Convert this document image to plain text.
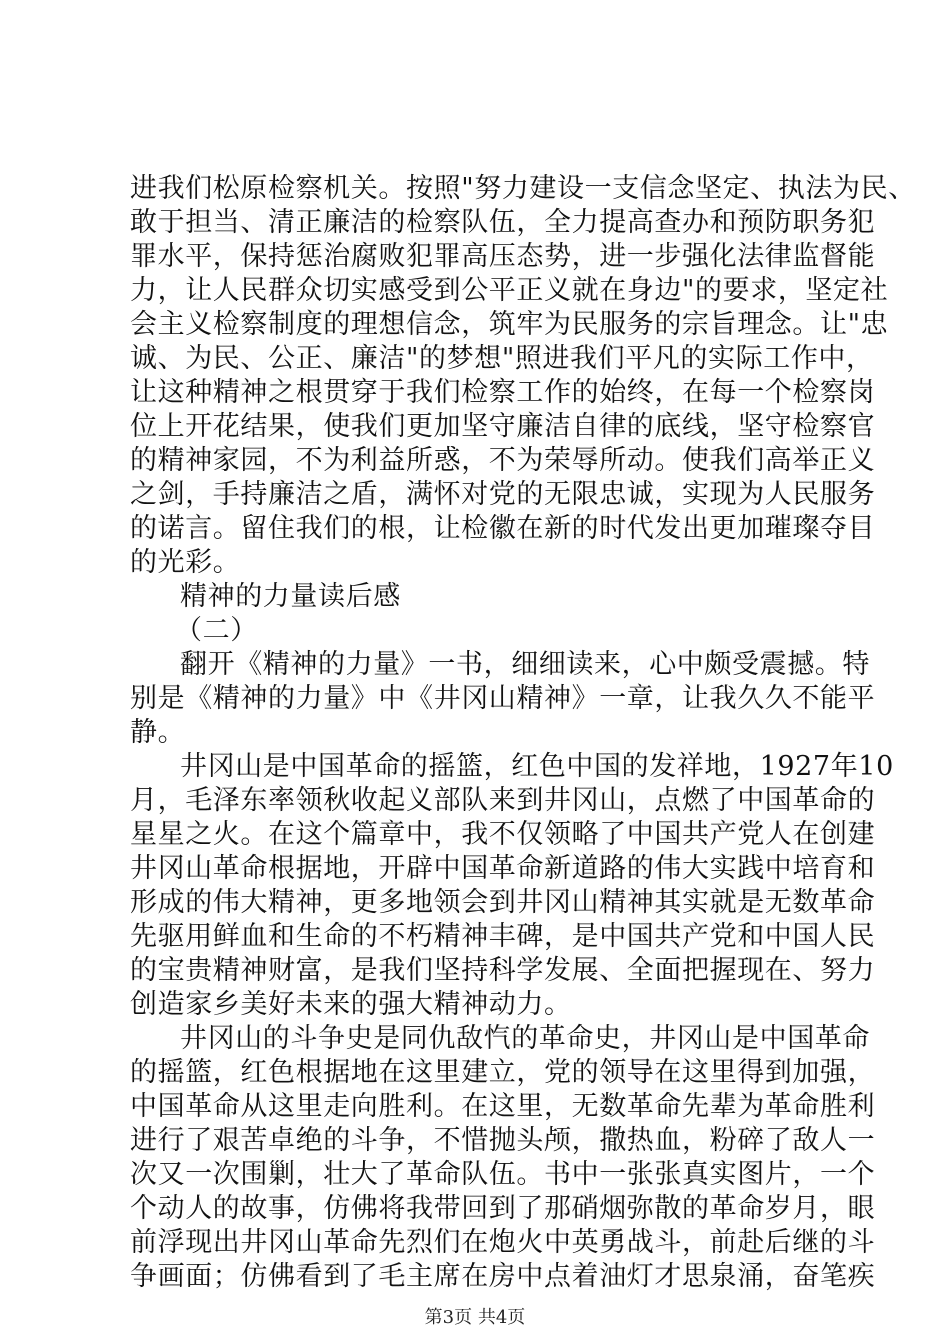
进我们松原检察机关。按照"努力建设一支信念坚定、执法为民、
敢于担当、清正廉洁的检察队伍，全力提高查办和预防职务犯
罪水平，保持惩治腐败犯罪高压态势，进一步强化法律监督能
力，让人民群众切实感受到公平正义就在身边"的要求，坚定社
会主义检察制度的理想信念，筑牢为民服务的宗旨理念。让"忠
诚、为民、公正、廉洁"的梦想"照进我们平凡的实际工作中，
让这种精神之根贯穿于我们检察工作的始终，在每一个检察岗
位上开花结果，使我们更加坚守廉洁自律的底线，坚守检察官
的精神家园，不为利益所惑，不为荣辱所动。使我们高举正义
之剑，手持廉洁之盾，满怀对党的无限忠诚，实现为人民服务
的诺言。留住我们的根，让检徽在新的时代发出更加璀璨夺目
的光彩。
精神的力量读后感
（二）
翻开《精神的力量》一书，细细读来，心中颇受震撼。特
别是《精神的力量》中《井冈山精神》一章，让我久久不能平
静。
井冈山是中国革命的摇篮，红色中国的发祥地，1927年10
月，毛泽东率领秋收起义部队来到井冈山，点燃了中国革命的
星星之火。在这个篇章中，我不仅领略了中国共产党人在创建
井冈山革命根据地，开辟中国革命新道路的伟大实践中培育和
形成的伟大精神，更多地领会到井冈山精神其实就是无数革命
先驱用鲜血和生命的不朽精神丰碑，是中国共产党和中国人民
的宝贵精神财富，是我们坚持科学发展、全面把握现在、努力
创造家乡美好未来的强大精神动力。
井冈山的斗争史是同仇敌忾的革命史，井冈山是中国革命
的摇篮，红色根据地在这里建立，党的领导在这里得到加强，
中国革命从这里走向胜利。在这里，无数革命先辈为革命胜利
进行了艰苦卓绝的斗争，不惜抛头颅，撒热血，粉碎了敌人一
次又一次围剿，壮大了革命队伍。书中一张张真实图片，一个
个动人的故事，仿佛将我带回到了那硝烟弥散的革命岁月，眼
前浮现出井冈山革命先烈们在炮火中英勇战斗，前赴后继的斗
争画面；仿佛看到了毛主席在房中点着油灯才思泉涌，奋笔疾
第3页 共4页
